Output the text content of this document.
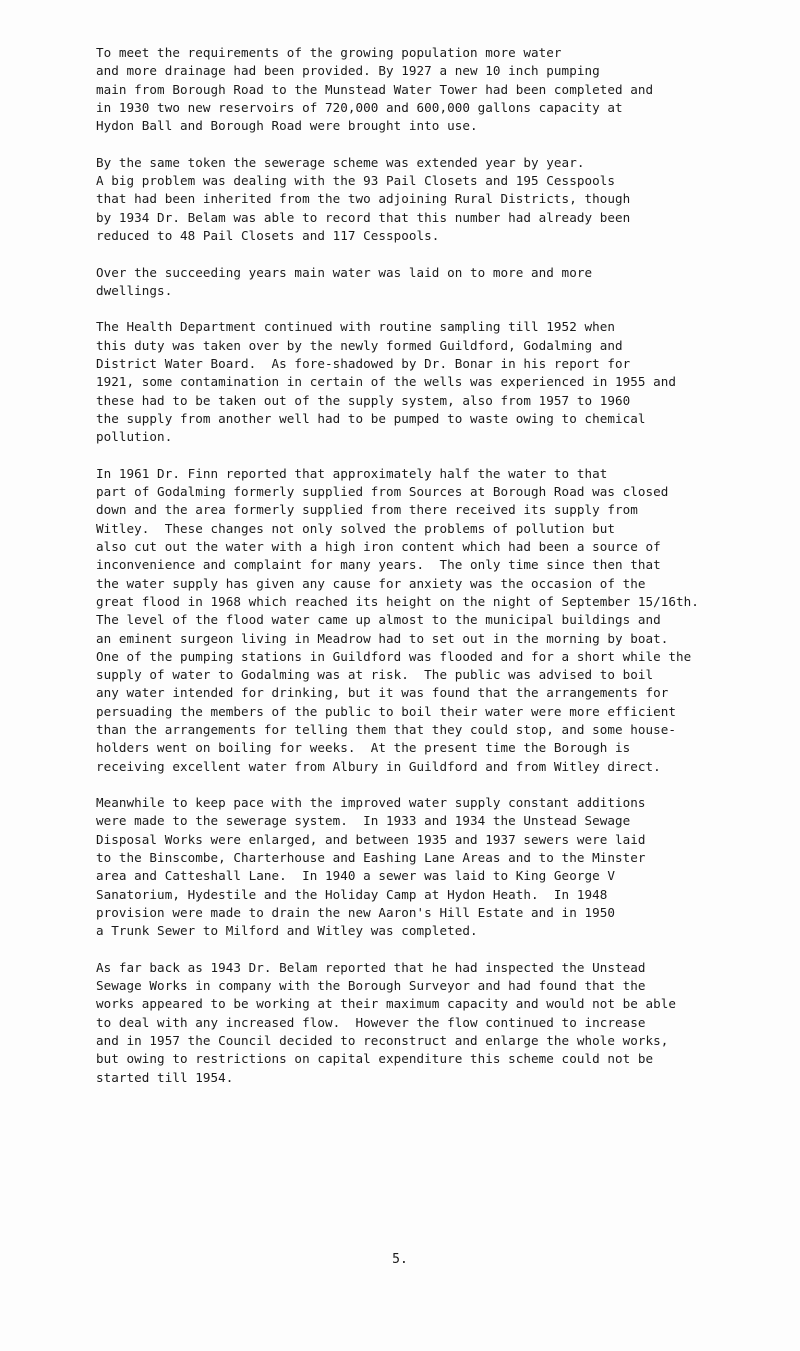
To meet the requirements of the growing population more water
and more drainage had been provided. By 1927 a new 10 inch pumping
main from Borough Road to the Munstead Water Tower had been completed and
in 1930 two new reservoirs of 720,000 and 600,000 gallons capacity at
Hydon Ball and Borough Road were brought into use.
By the same token the sewerage scheme was extended year by year.
A big problem was dealing with the 93 Pail Closets and 195 Cesspools
that had been inherited from the two adjoining Rural Districts, though
by 1934 Dr. Belam was able to record that this number had already been
reduced to 48 Pail Closets and 117 Cesspools.
Over the succeeding years main water was laid on to more and more
dwellings.
The Health Department continued with routine sampling till 1952 when
this duty was taken over by the newly formed Guildford, Godalming and
District Water Board.  As fore-shadowed by Dr. Bonar in his report for
1921, some contamination in certain of the wells was experienced in 1955 and
these had to be taken out of the supply system, also from 1957 to 1960
the supply from another well had to be pumped to waste owing to chemical
pollution.
In 1961 Dr. Finn reported that approximately half the water to that
part of Godalming formerly supplied from Sources at Borough Road was closed
down and the area formerly supplied from there received its supply from
Witley.  These changes not only solved the problems of pollution but
also cut out the water with a high iron content which had been a source of
inconvenience and complaint for many years.  The only time since then that
the water supply has given any cause for anxiety was the occasion of the
great flood in 1968 which reached its height on the night of September 15/16th.
The level of the flood water came up almost to the municipal buildings and
an eminent surgeon living in Meadrow had to set out in the morning by boat.
One of the pumping stations in Guildford was flooded and for a short while the
supply of water to Godalming was at risk.  The public was advised to boil
any water intended for drinking, but it was found that the arrangements for
persuading the members of the public to boil their water were more efficient
than the arrangements for telling them that they could stop, and some house-
holders went on boiling for weeks.  At the present time the Borough is
receiving excellent water from Albury in Guildford and from Witley direct.
Meanwhile to keep pace with the improved water supply constant additions
were made to the sewerage system.  In 1933 and 1934 the Unstead Sewage
Disposal Works were enlarged, and between 1935 and 1937 sewers were laid
to the Binscombe, Charterhouse and Eashing Lane Areas and to the Minster
area and Catteshall Lane.  In 1940 a sewer was laid to King George V
Sanatorium, Hydestile and the Holiday Camp at Hydon Heath.  In 1948
provision were made to drain the new Aaron's Hill Estate and in 1950
a Trunk Sewer to Milford and Witley was completed.
As far back as 1943 Dr. Belam reported that he had inspected the Unstead
Sewage Works in company with the Borough Surveyor and had found that the
works appeared to be working at their maximum capacity and would not be able
to deal with any increased flow.  However the flow continued to increase
and in 1957 the Council decided to reconstruct and enlarge the whole works,
but owing to restrictions on capital expenditure this scheme could not be
started till 1954.
5.
